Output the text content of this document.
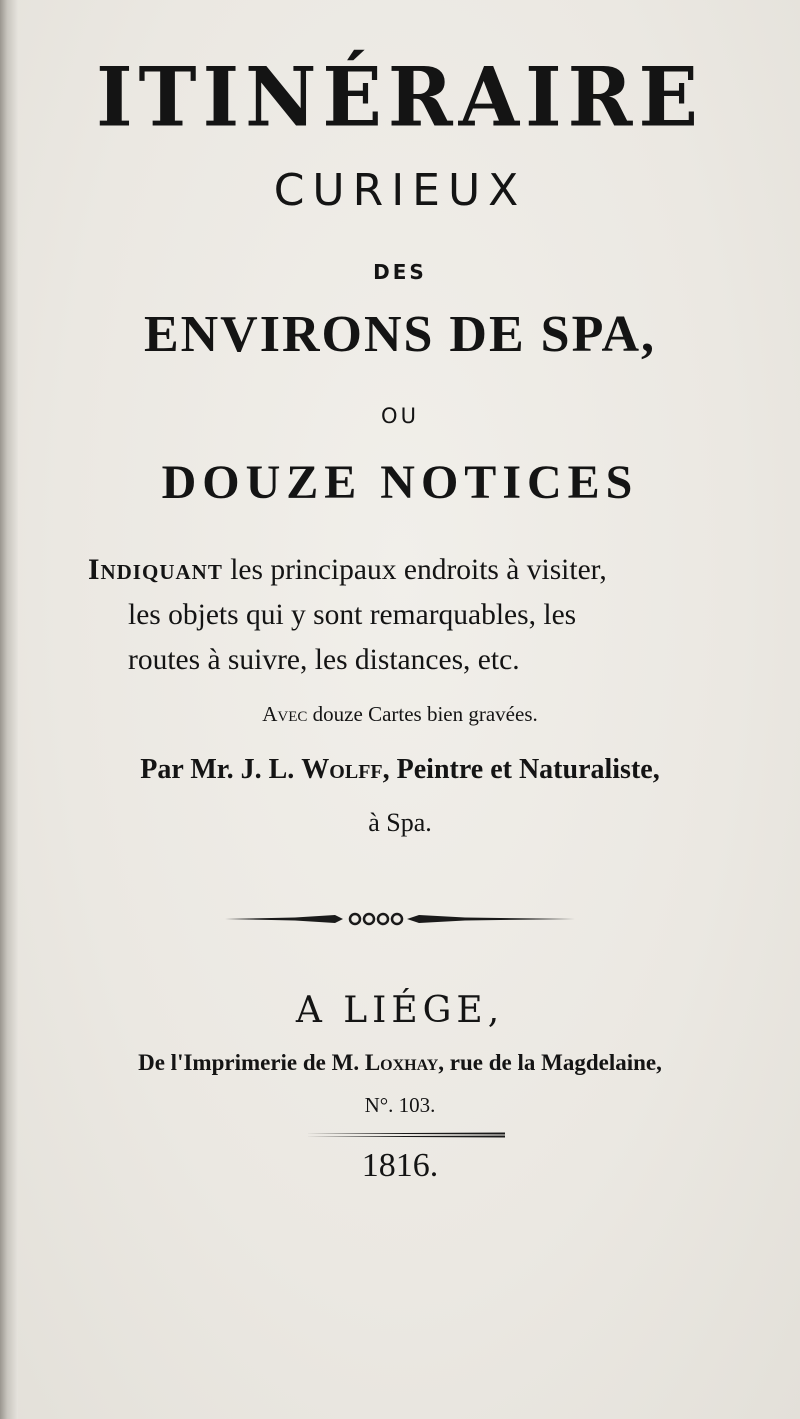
ITINÉRAIRE
CURIEUX
DES
ENVIRONS DE SPA,
OU
DOUZE NOTICES
Indiquant les principaux endroits à visiter,
les objets qui y sont remarquables, les
routes à suivre, les distances, etc.
Avec douze Cartes bien gravées.
Par Mr. J. L. Wolff, Peintre et Naturaliste,
à Spa.
A LIÉGE,
De l'Imprimerie de M. Loxhay, rue de la Magdelaine,
N°. 103.
1816.
